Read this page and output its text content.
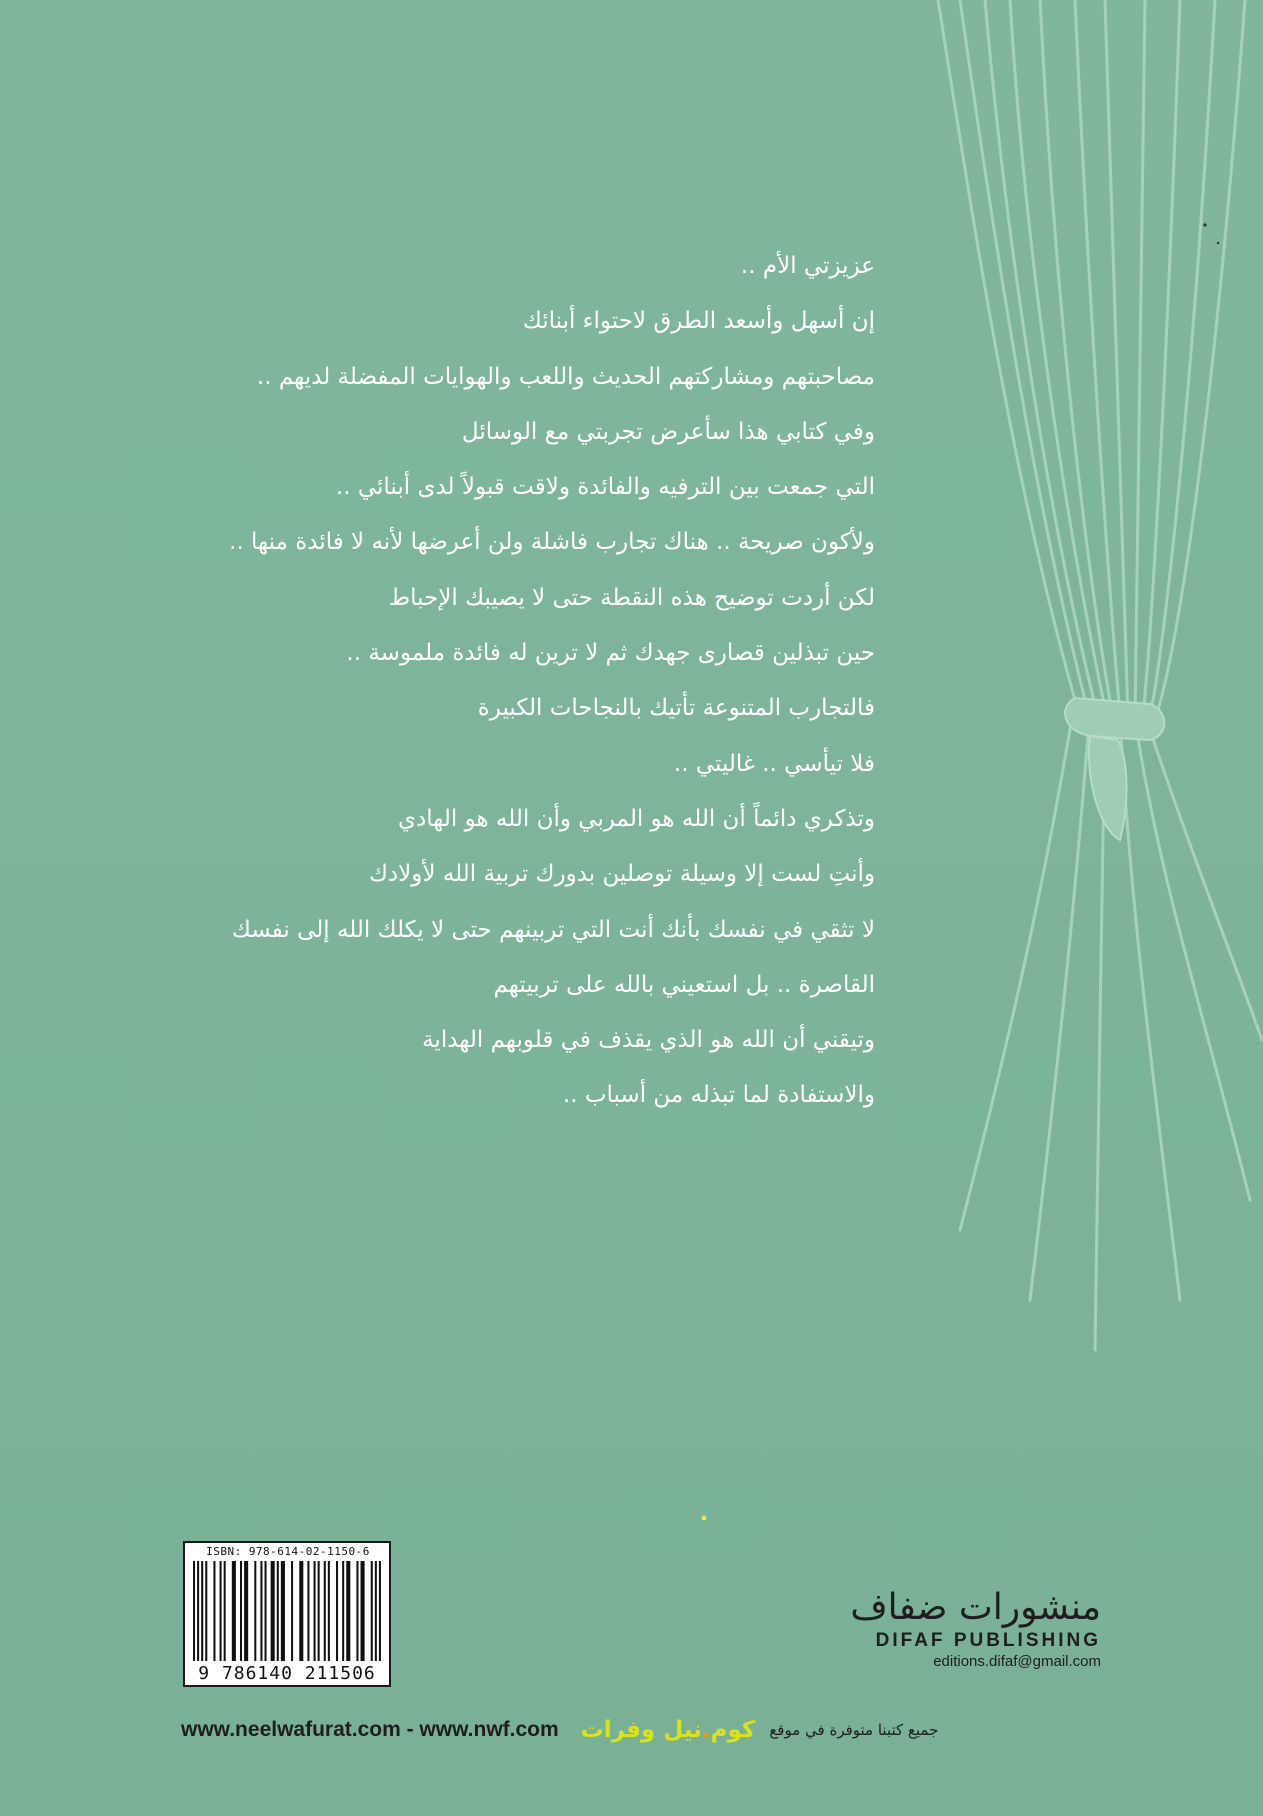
عزيزتي الأم ..
إن أسهل وأسعد الطرق لاحتواء أبنائك
مصاحبتهم ومشاركتهم الحديث واللعب والهوايات المفضلة لديهم ..
وفي كتابي هذا سأعرض تجربتي مع الوسائل
التي جمعت بين الترفيه والفائدة ولاقت قبولاً لدى أبنائي ..
ولأكون صريحة .. هناك تجارب فاشلة ولن أعرضها لأنه لا فائدة منها ..
لكن أردت توضيح هذه النقطة حتى لا يصيبك الإحباط
حين تبذلين قصارى جهدك ثم لا ترين له فائدة ملموسة ..
فالتجارب المتنوعة تأتيك بالنجاحات الكبيرة
فلا تيأسي .. غاليتي ..
وتذكري دائماً أن الله هو المربي وأن الله هو الهادي
وأنتِ لست إلا وسيلة توصلين بدورك تربية الله لأولادك
لا تثقي في نفسك بأنك أنت التي تربينهم حتى لا يكلك الله إلى نفسك
القاصرة .. بل استعيني بالله على تربيتهم
وتيقني أن الله هو الذي يقذف في قلوبهم الهداية
والاستفادة لما تبذله من أسباب ..
ISBN: 978-614-02-1150-6
9 786140 211506
منشورات ضفاف
DIFAF PUBLISHING
editions.difaf@gmail.com
www.neelwafurat.com - www.nwf.com	كوم.نيل وفرات	جميع كتبنا متوفرة في موقع
